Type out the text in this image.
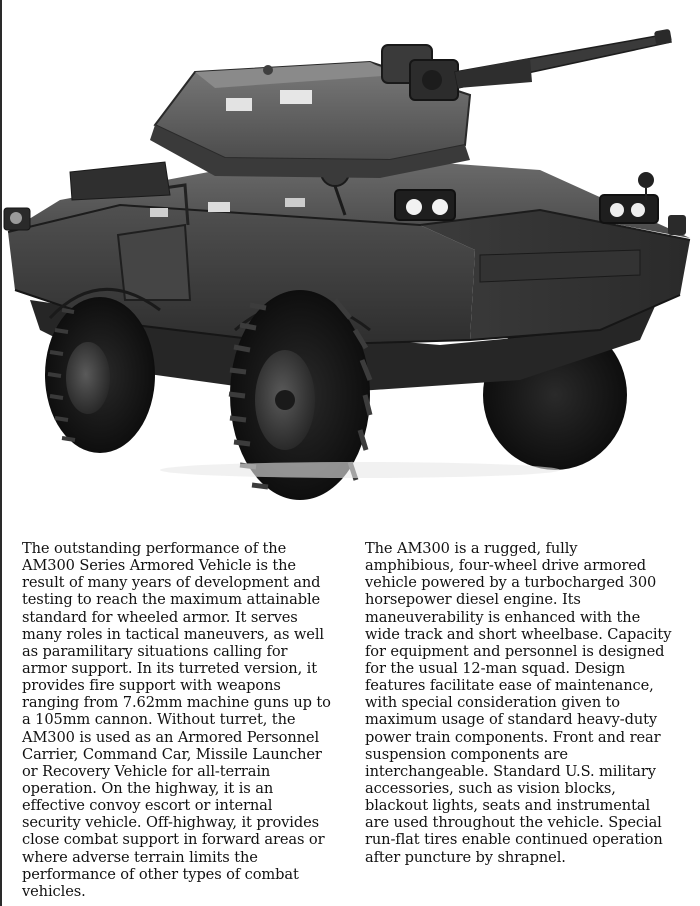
The outstanding performance of the
AM300 Series Armored Vehicle is the
result of many years of development and
testing to reach the maximum attainable
standard for wheeled armor. It serves
many roles in tactical maneuvers, as well
as paramilitary situations calling for
armor support. In its turreted version, it
provides fire support with weapons
ranging from 7.62mm machine guns up to
a 105mm cannon. Without turret, the
AM300 is used as an Armored Personnel
Carrier, Command Car, Missile Launcher
or Recovery Vehicle for all-terrain
operation. On the highway, it is an
effective convoy escort or internal
security vehicle. Off-highway, it provides
close combat support in forward areas or
where adverse terrain limits the
performance of other types of combat
vehicles.
The AM300 is a rugged, fully
amphibious, four-wheel drive armored
vehicle powered by a turbocharged 300
horsepower diesel engine. Its
maneuverability is enhanced with the
wide track and short wheelbase. Capacity
for equipment and personnel is designed
for the usual 12-man squad. Design
features facilitate ease of maintenance,
with special consideration given to
maximum usage of standard heavy-duty
power train components. Front and rear
suspension components are
interchangeable. Standard U.S. military
accessories, such as vision blocks,
blackout lights, seats and instrumental
are used throughout the vehicle. Special
run-flat tires enable continued operation
after puncture by shrapnel.
